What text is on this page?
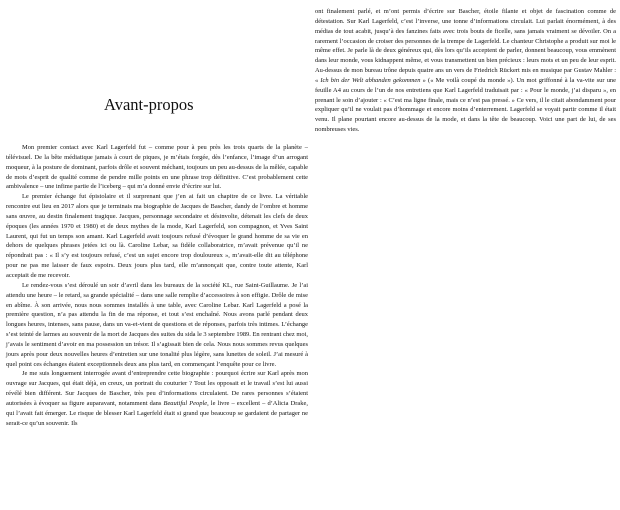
Avant-propos

Mon premier contact avec Karl Lagerfeld fut – comme pour à peu près les trois quarts de la planète – télévisuel. De la bête médiatique jamais à court de piques, je m’étais forgée, dès l’enfance, l’image d’un arrogant moqueur, à la posture de dominant, parfois drôle et souvent méchant, toujours un peu au-dessus de la mêlée, capable de mots d’esprit de qualité comme de pendre mille points en une phrase trop définitive. C’est probablement cette ambivalence – une infime partie de l’iceberg – qui m’a donné envie d’écrire sur lui.

Le premier échange fut épistolaire et il surprenant que j’en ai fait un chapitre de ce livre. La véritable rencontre eut lieu en 2017 alors que je terminais ma biographie de Jacques de Bascher, dandy de l’ombre et homme sans œuvre, au destin finalement tragique. Jacques, personnage secondaire et désinvolte, détenait les clefs de deux époques (les années 1970 et 1980) et de deux mythes de la mode, Karl Lagerfeld, son compagnon, et Yves Saint Laurent, qui fut un temps son amant. Karl Lagerfeld avait toujours refusé d’évoquer le grand homme de sa vie en dehors de quelques phrases jetées ici ou là. Caroline Lebar, sa fidèle collaboratrice, m’avait prévenue qu’il ne répondrait pas : « Il s’y est toujours refusé, c’est un sujet encore trop douloureux », m’avait-elle dit au téléphone pour ne pas me laisser de faux espoirs. Deux jours plus tard, elle m’annonçait que, contre toute attente, Karl acceptait de me recevoir.

Le rendez-vous s’est déroulé un soir d’avril dans les bureaux de la société KL, rue Saint-Guillaume. Je l’ai attendu une heure – le retard, sa grande spécialité – dans une salle remplie d’accessoires à son effigie. Drôle de mise en abîme. À son arrivée, nous nous sommes installés à une table, avec Caroline Lebar. Karl Lagerfeld a posé la première question, n’a pas attendu la fin de ma réponse, et tout s’est enchaîné. Nous avons parlé pendant deux longues heures, intenses, sans pause, dans un va-et-vient de questions et de réponses, parfois très intimes. L’échange s’est teinté de larmes au souvenir de la mort de Jacques des suites du sida le 3 septembre 1989. En rentrant chez moi, j’avais le sentiment d’avoir en ma possession un trésor. Il s’agissait bien de cela. Nous nous sommes revus quelques jours après pour deux nouvelles heures d’entretien sur une tonalité plus légère, sans lunettes de soleil. J’ai mesuré à quel point ces échanges étaient exceptionnels deux ans plus tard, en commençant l’enquête pour ce livre.

Je me suis longuement interrogée avant d’entreprendre cette biographie : pourquoi écrire sur Karl après mon ouvrage sur Jacques, qui était déjà, en creux, un portrait du couturier ? Tout les opposait et le travail s’est lui aussi révélé bien différent. Sur Jacques de Bascher, très peu d’informations circulaient. De rares personnes s’étaient autorisées à évoquer sa figure auparavant, notamment dans Beautiful People, le livre – excellent – d’Alicia Drake, qui l’avait fait émerger. Le risque de blesser Karl Lagerfeld était si grand que beaucoup se gardaient de partager ne serait-ce qu’un souvenir. Ils

ont finalement parlé, et m’ont permis d’écrire sur Bascher, étoile filante et objet de fascination comme de détestation. Sur Karl Lagerfeld, c’est l’inverse, une tonne d’informations circulait. Lui parlait énormément, à des médias de tout acabit, jusqu’à des fanzines faits avec trois bouts de ficelle, sans jamais vraiment se dévoiler. On a rarement l’occasion de croiser des personnes de la trempe de Lagerfeld. Le chanteur Christophe a produit sur moi le même effet. Je parle là de deux généreux qui, dès lors qu’ils acceptent de parler, donnent beaucoup, vous emmènent dans leur monde, vous kidnappent même, et vous transmettent un bien précieux : leurs mots et un peu de leur esprit. Au-dessus de mon bureau trône depuis quatre ans un vers de Friedrich Rückert mis en musique par Gustav Mahler : « Ich bin der Welt abhanden gekommen » (« Me voilà coupé du monde »). Un mot griffonné à la va-vite sur une feuille A4 au cours de l’un de nos entretiens que Karl Lagerfeld traduisait par : « Pour le monde, j’ai disparu », en prenant le soin d’ajouter : « C’est ma ligne finale, mais ce n’est pas pressé. » Ce vers, il le citait abondamment pour expliquer qu’il ne voulait pas d’hommage et encore moins d’enterrement. Lagerfeld se voyait partir comme il était venu. Il plane pourtant encore au-dessus de la mode, et dans la tête de beaucoup. Voici une part de lui, de ses nombreuses vies.
